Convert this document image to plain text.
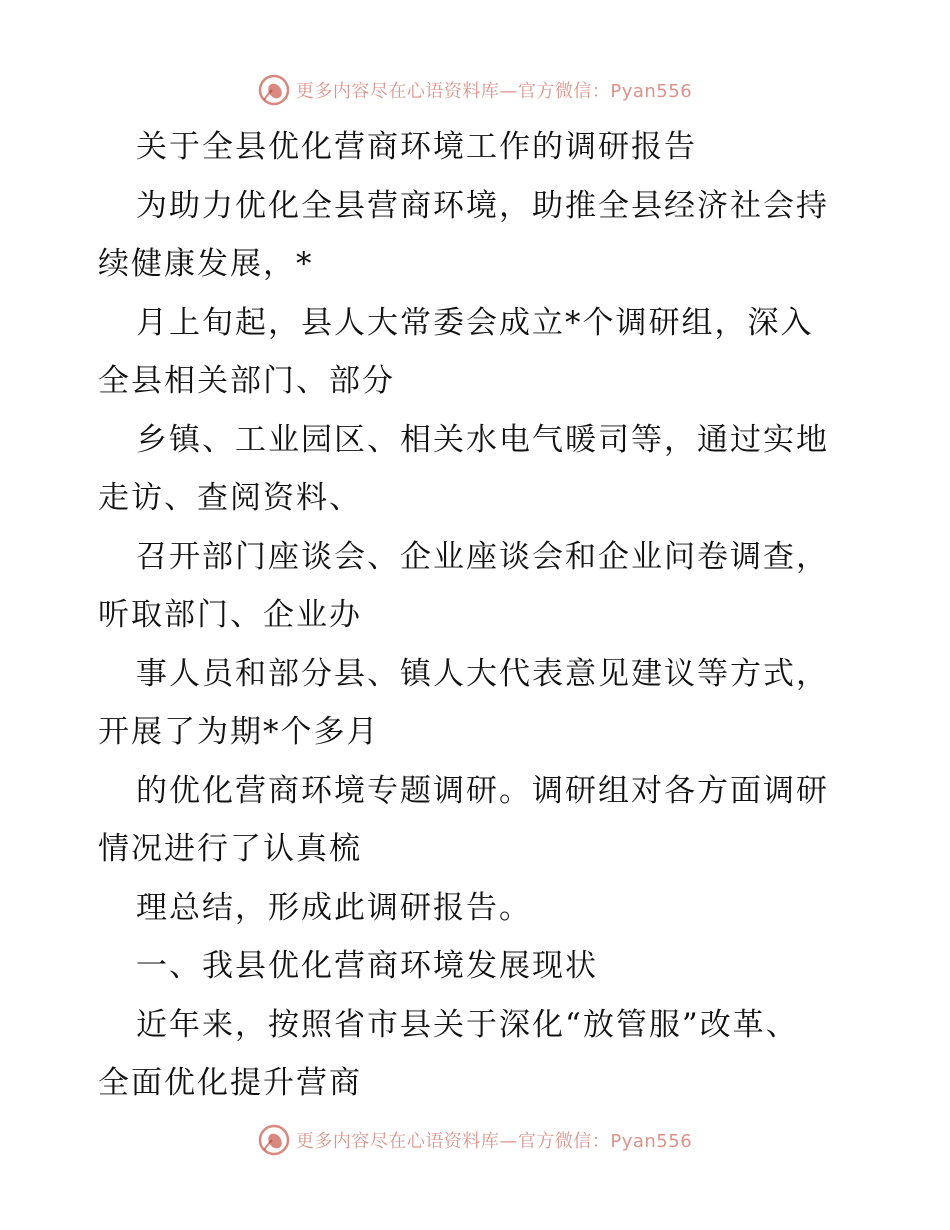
更多内容尽在心语资料库—官方微信：Pyan556
关于全县优化营商环境工作的调研报告
为助力优化全县营商环境，助推全县经济社会持
续健康发展，*
月上旬起，县人大常委会成立*个调研组，深入
全县相关部门、部分
乡镇、工业园区、相关水电气暖司等，通过实地
走访、查阅资料、
召开部门座谈会、企业座谈会和企业问卷调查，
听取部门、企业办
事人员和部分县、镇人大代表意见建议等方式，
开展了为期*个多月
的优化营商环境专题调研。调研组对各方面调研
情况进行了认真梳
理总结，形成此调研报告。
一、我县优化营商环境发展现状
近年来，按照省市县关于深化“放管服”改革、
全面优化提升营商
更多内容尽在心语资料库—官方微信：Pyan556
